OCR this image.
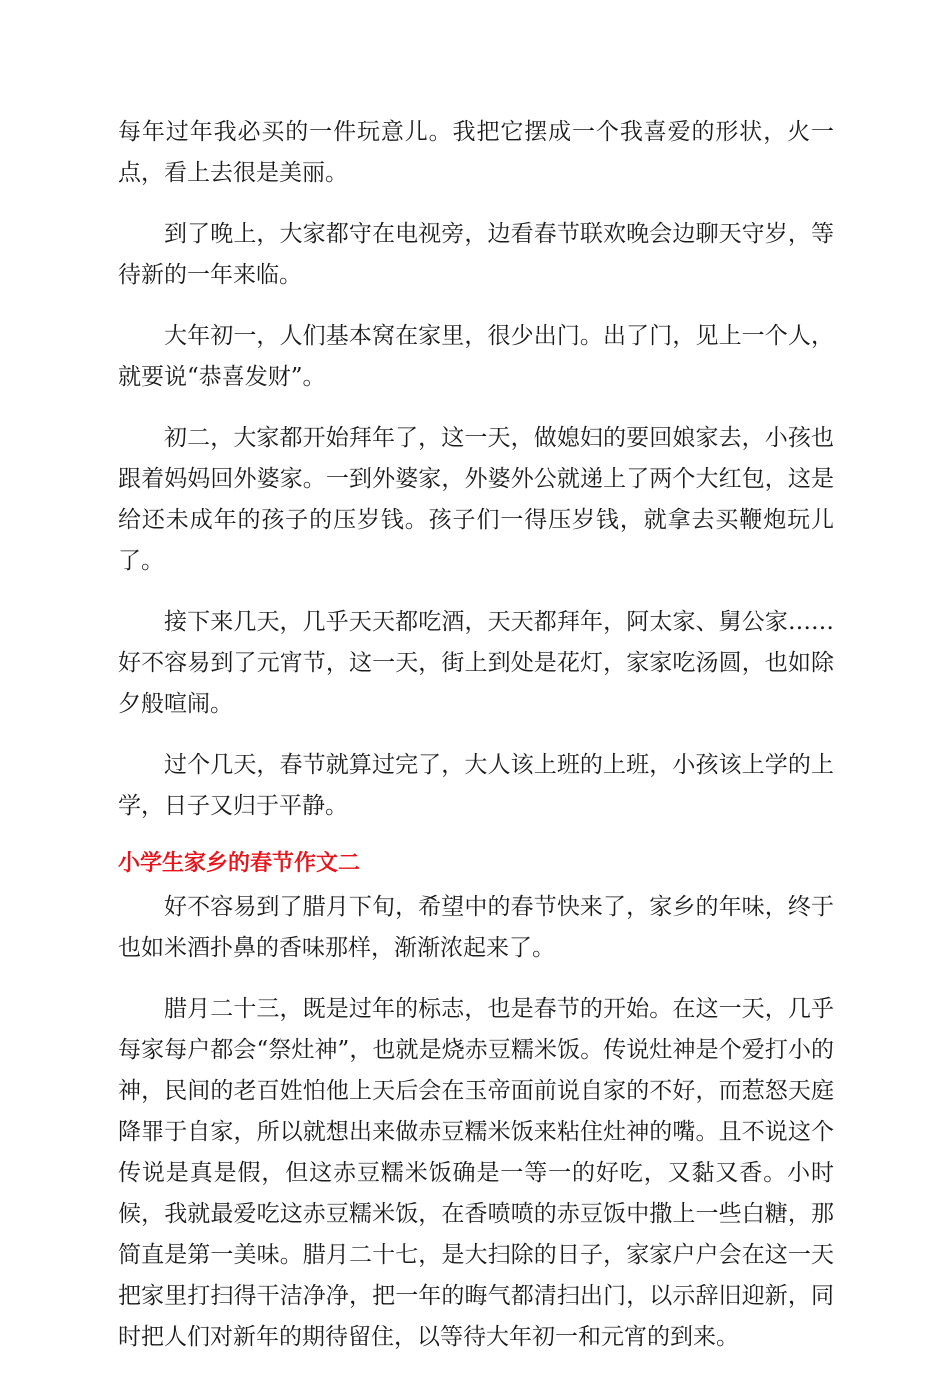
每年过年我必买的一件玩意儿。我把它摆成一个我喜爱的形状，火一点，看上去很是美丽。

到了晚上，大家都守在电视旁，边看春节联欢晚会边聊天守岁，等待新的一年来临。

大年初一，人们基本窝在家里，很少出门。出了门，见上一个人，就要说“恭喜发财”。

初二，大家都开始拜年了，这一天，做媳妇的要回娘家去，小孩也跟着妈妈回外婆家。一到外婆家，外婆外公就递上了两个大红包，这是给还未成年的孩子的压岁钱。孩子们一得压岁钱，就拿去买鞭炮玩儿了。

接下来几天，几乎天天都吃酒，天天都拜年，阿太家、舅公家……好不容易到了元宵节，这一天，街上到处是花灯，家家吃汤圆，也如除夕般喧闹。

过个几天，春节就算过完了，大人该上班的上班，小孩该上学的上学，日子又归于平静。

小学生家乡的春节作文二

好不容易到了腊月下旬，希望中的春节快来了，家乡的年味，终于也如米酒扑鼻的香味那样，渐渐浓起来了。

腊月二十三，既是过年的标志，也是春节的开始。在这一天，几乎每家每户都会“祭灶神”，也就是烧赤豆糯米饭。传说灶神是个爱打小的神，民间的老百姓怕他上天后会在玉帝面前说自家的不好，而惹怒天庭降罪于自家，所以就想出来做赤豆糯米饭来粘住灶神的嘴。且不说这个传说是真是假，但这赤豆糯米饭确是一等一的好吃，又黏又香。小时候，我就最爱吃这赤豆糯米饭，在香喷喷的赤豆饭中撒上一些白糖，那简直是第一美味。腊月二十七，是大扫除的日子，家家户户会在这一天把家里打扫得干洁净净，把一年的晦气都清扫出门，以示辞旧迎新，同时把人们对新年的期待留住，以等待大年初一和元宵的到来。
